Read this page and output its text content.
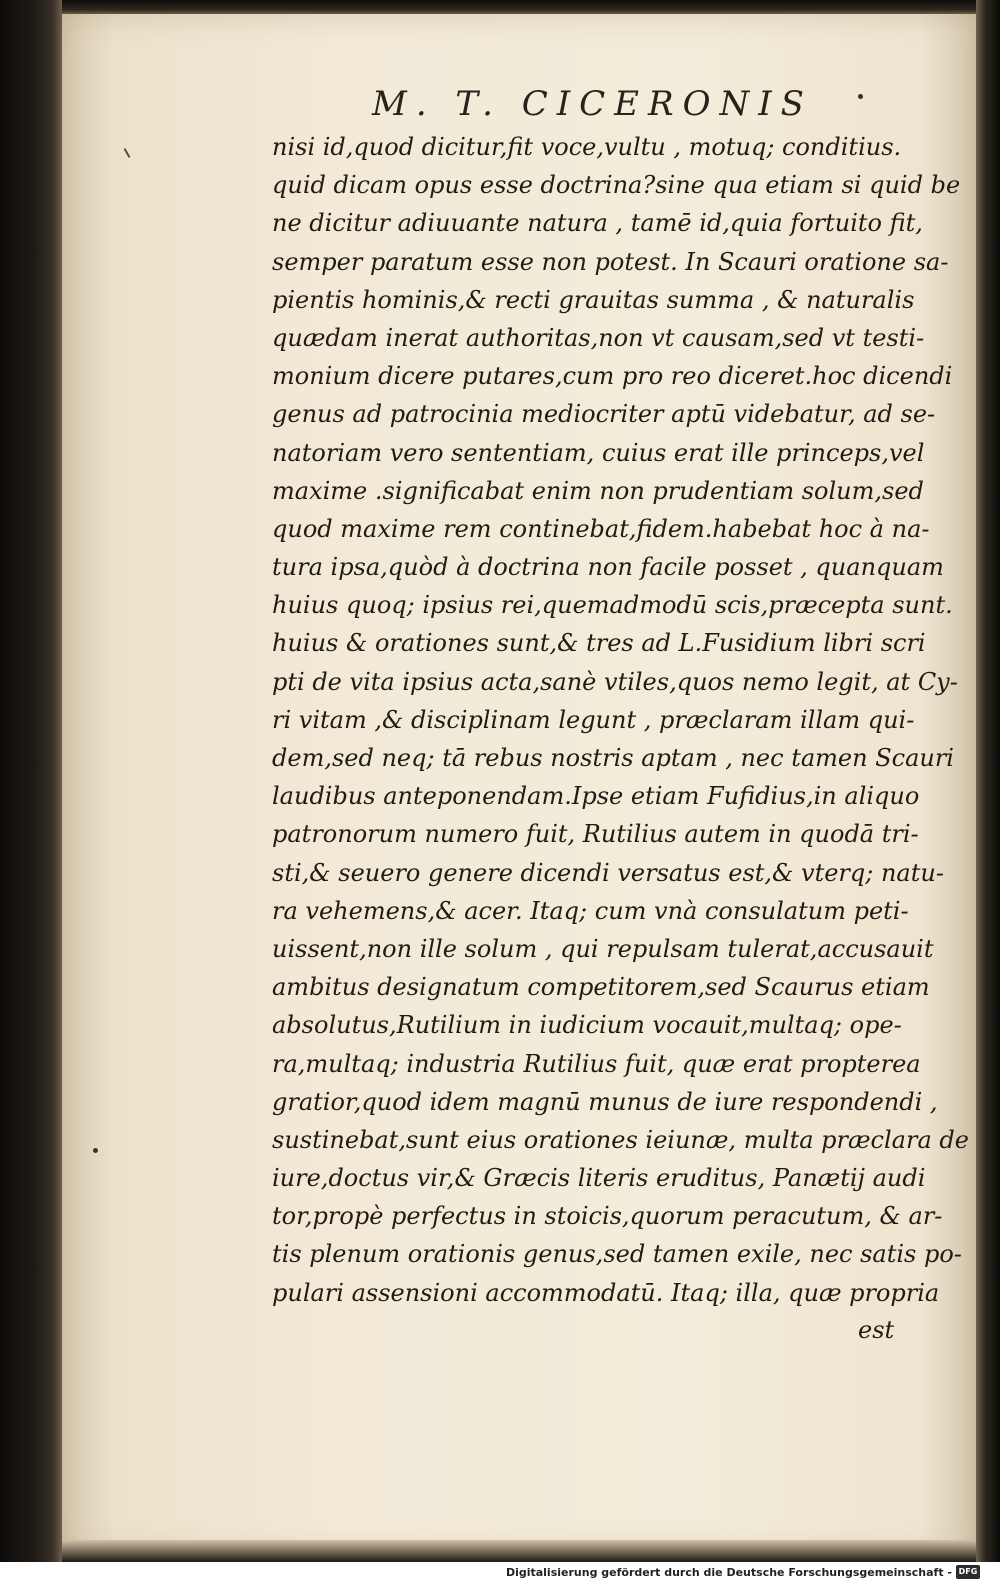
M. T. CICERONIS
nisi id,quod dicitur,fit voce,vultu , motuq; conditius.
quid dicam opus esse doctrina?sine qua etiam si quid be
ne dicitur adiuuante natura , tamē id,quia fortuito fit,
semper paratum esse non potest. In Scauri oratione sa-
pientis hominis,& recti grauitas summa , & naturalis
quædam inerat authoritas,non vt causam,sed vt testi-
monium dicere putares,cum pro reo diceret.hoc dicendi
genus ad patrocinia mediocriter aptū videbatur, ad se-
natoriam vero sententiam, cuius erat ille princeps,vel
maxime .significabat enim non prudentiam solum,sed
quod maxime rem continebat,fidem.habebat hoc à na-
tura ipsa,quòd à doctrina non facile posset , quanquam
huius quoq; ipsius rei,quemadmodū scis,præcepta sunt.
huius & orationes sunt,& tres ad L.Fusidium libri scri
pti de vita ipsius acta,sanè vtiles,quos nemo legit, at Cy-
ri vitam ,& disciplinam legunt , præclaram illam qui-
dem,sed neq; tā rebus nostris aptam , nec tamen Scauri
laudibus anteponendam.Ipse etiam Fufidius,in aliquo
patronorum numero fuit, Rutilius autem in quodā tri-
sti,& seuero genere dicendi versatus est,& vterq; natu-
ra vehemens,& acer. Itaq; cum vnà consulatum peti-
uissent,non ille solum , qui repulsam tulerat,accusauit
ambitus designatum competitorem,sed Scaurus etiam
absolutus,Rutilium in iudicium vocauit,multaq; ope-
ra,multaq; industria Rutilius fuit, quæ erat propterea
gratior,quod idem magnū munus de iure respondendi ,
sustinebat,sunt eius orationes ieiunæ, multa præclara de
iure,doctus vir,& Græcis literis eruditus, Panætij audi
tor,propè perfectus in stoicis,quorum peracutum, & ar-
tis plenum orationis genus,sed tamen exile, nec satis po-
pulari assensioni accommodatū. Itaq; illa, quæ propria
est
Digitalisierung gefördert durch die Deutsche Forschungsgemeinschaft - DFG
